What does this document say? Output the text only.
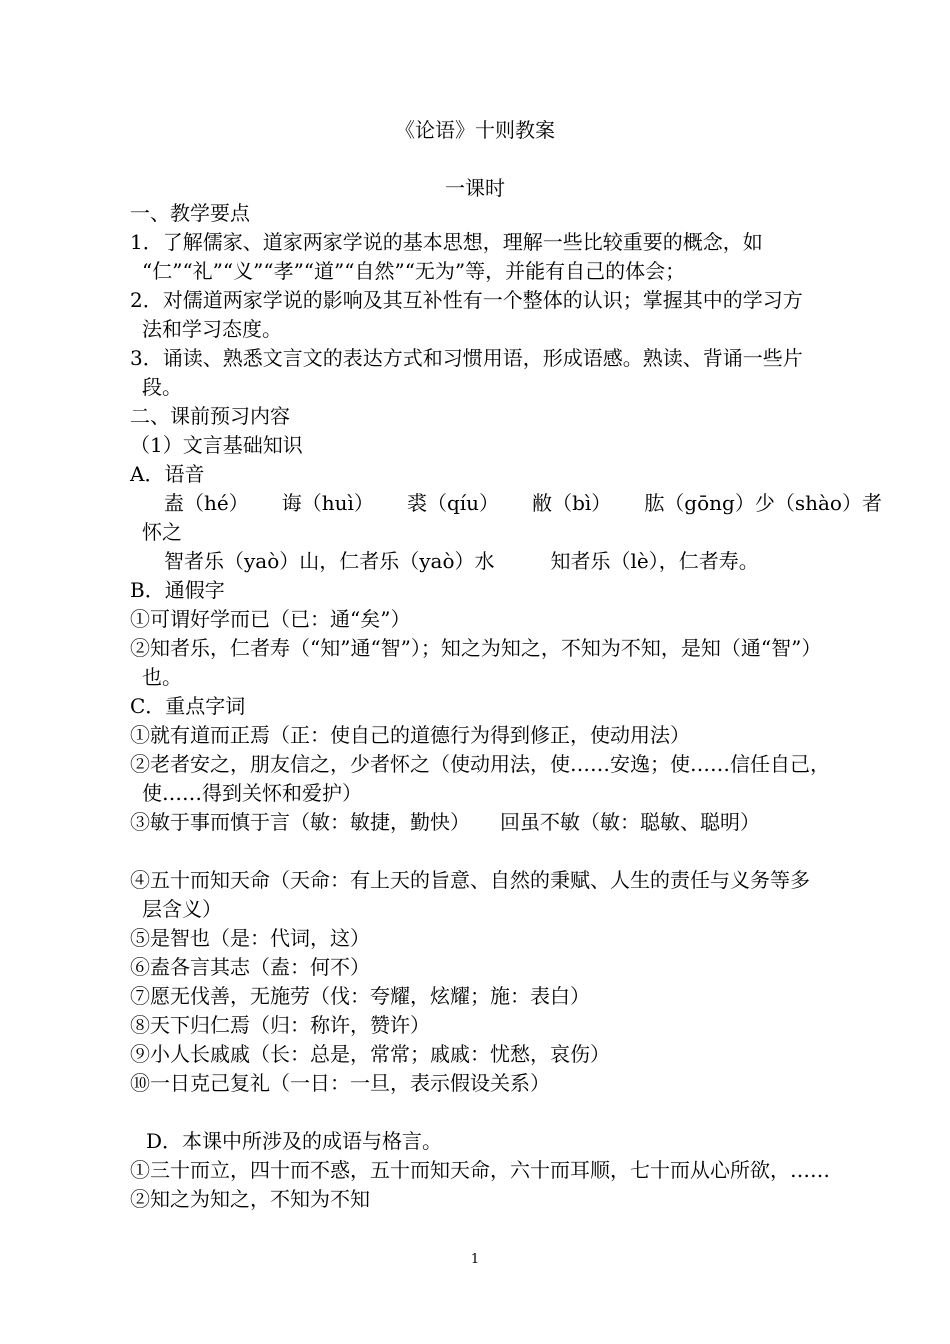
《论语》十则教案
一课时
一、教学要点
1．了解儒家、道家两家学说的基本思想，理解一些比较重要的概念，如
“仁”“礼”“义”“孝”“道”“自然”“无为”等，并能有自己的体会；
2．对儒道两家学说的影响及其互补性有一个整体的认识；掌握其中的学习方
法和学习态度。
3．诵读、熟悉文言文的表达方式和习惯用语，形成语感。熟读、背诵一些片
段。
二、课前预习内容
（1）文言基础知识
A．语音
盍（hé） 诲（huì） 裘（qíu） 敝（bì） 肱（gōng）少（shào）者
怀之
智者乐（yaò）山，仁者乐（yaò）水	知者乐（lè），仁者寿。
B．通假字
①可谓好学而已（已：通“矣”）
②知者乐，仁者寿（“知”通“智”）；知之为知之，不知为不知，是知（通“智”）
也。
C．重点字词
①就有道而正焉（正：使自己的道德行为得到修正，使动用法）
②老者安之，朋友信之，少者怀之（使动用法，使……安逸；使……信任自己，
使……得到关怀和爱护）
③敏于事而慎于言（敏：敏捷，勤快）　　回虽不敏（敏：聪敏、聪明）
④五十而知天命（天命：有上天的旨意、自然的秉赋、人生的责任与义务等多
层含义）
⑤是智也（是：代词，这）
⑥盍各言其志（盍：何不）
⑦愿无伐善，无施劳（伐：夸耀，炫耀；施：表白）
⑧天下归仁焉（归：称许，赞许）
⑨小人长戚戚（长：总是，常常；戚戚：忧愁，哀伤）
⑩一日克己复礼（一日：一旦，表示假设关系）
D．本课中所涉及的成语与格言。
①三十而立，四十而不惑，五十而知天命，六十而耳顺，七十而从心所欲，……
②知之为知之，不知为不知
1
